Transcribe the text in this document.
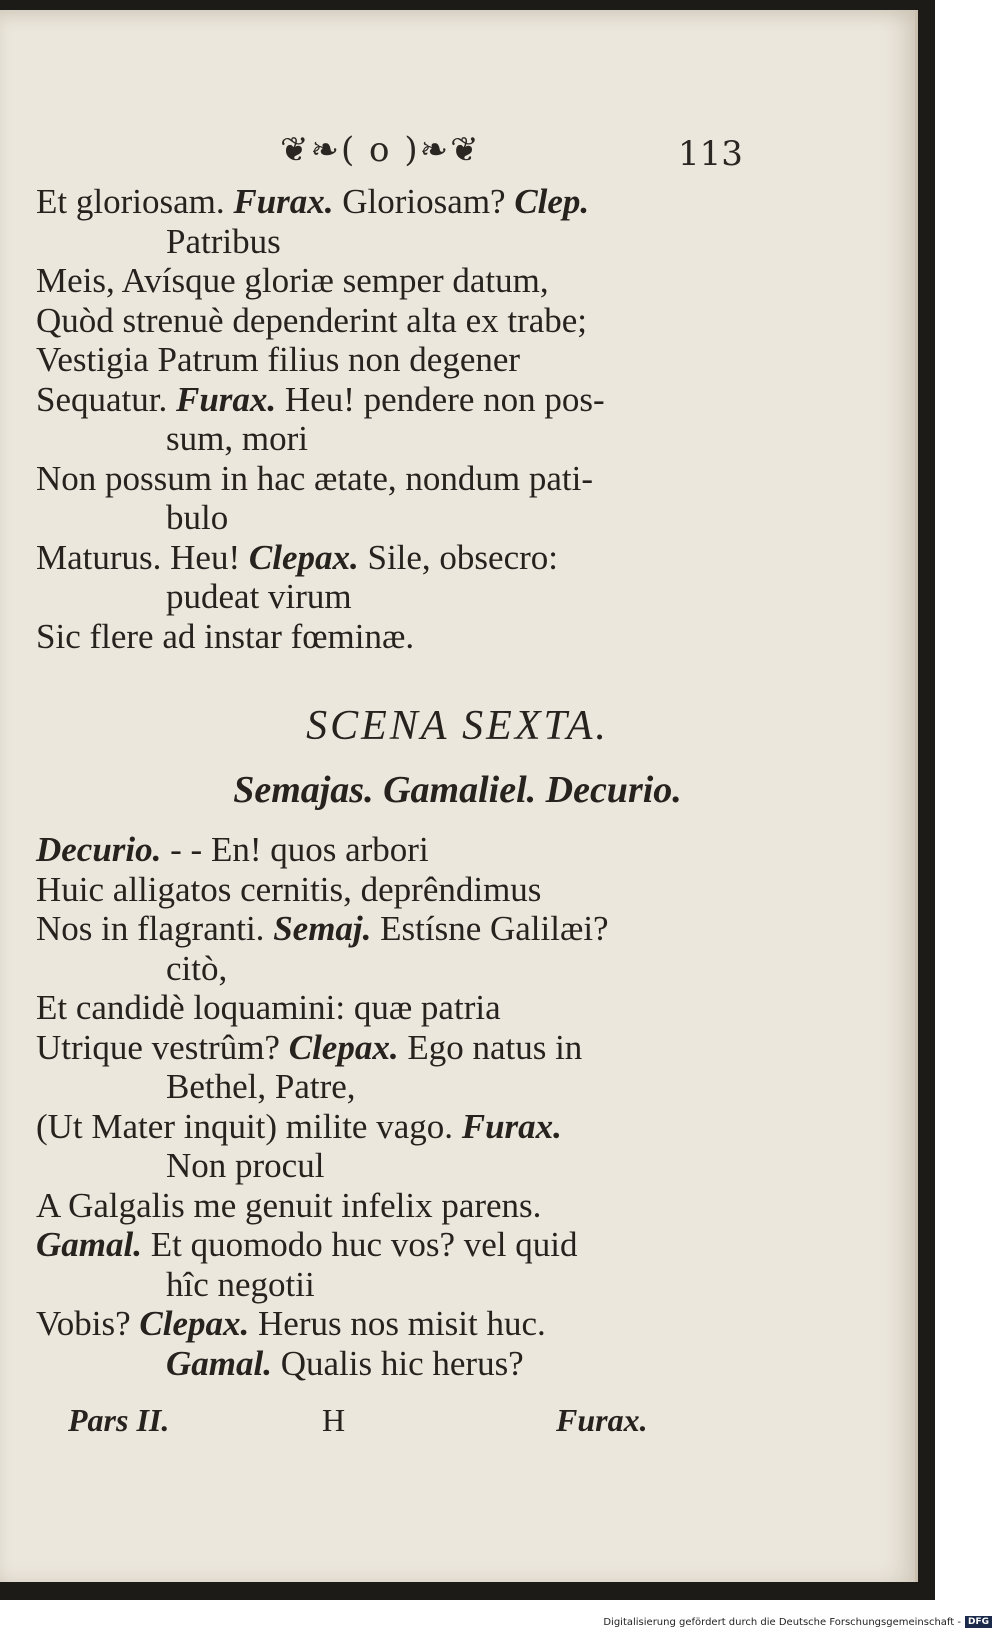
❦❧( o )❧❦	113
Et gloriosam. Furax. Gloriosam? Clep.
Patribus
Meis, Avísque gloriæ semper datum,
Quòd strenuè dependerint alta ex trabe;
Vestigia Patrum filius non degener
Sequatur. Furax. Heu! pendere non pos-
sum, mori
Non possum in hac ætate, nondum pati-
bulo
Maturus. Heu! Clepax. Sile, obsecro:
pudeat virum
Sic flere ad instar fœminæ.
SCENA SEXTA.
Semajas. Gamaliel. Decurio.
Decurio. - - En! quos arbori
Huic alligatos cernitis, deprêndimus
Nos in flagranti. Semaj. Estísne Galilæi?
citò,
Et candidè loquamini: quæ patria
Utrique vestrûm? Clepax. Ego natus in
Bethel, Patre,
(Ut Mater inquit) milite vago. Furax.
Non procul
A Galgalis me genuit infelix parens.
Gamal. Et quomodo huc vos? vel quid
hîc negotii
Vobis? Clepax. Herus nos misit huc.
Gamal. Qualis hic herus?
Pars II.	H	Furax.
Digitalisierung gefördert durch die Deutsche Forschungsgemeinschaft - DFG
